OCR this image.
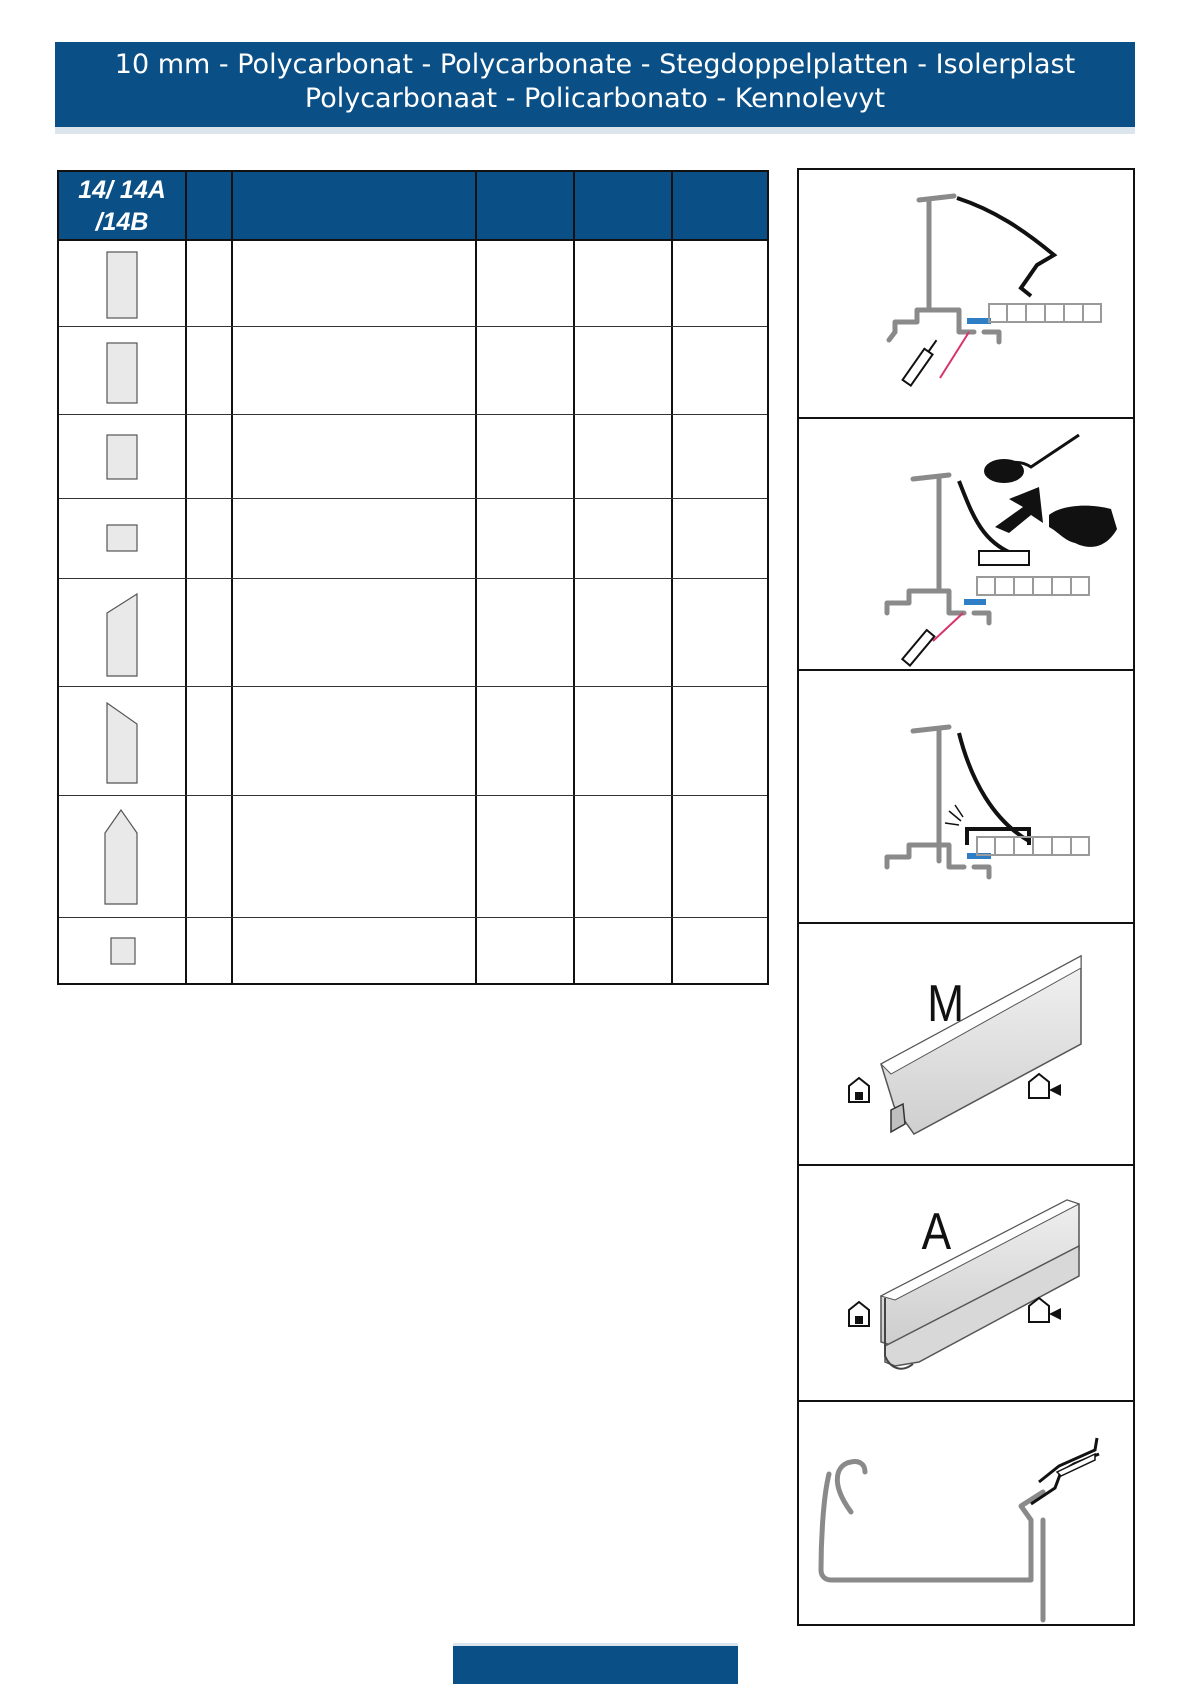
10 mm - Polycarbonat - Polycarbonate - Stegdoppelplatten - Isolerplast
Polycarbonaat - Policarbonato - Kennolevyt
14/ 14A
/14B
M
A
